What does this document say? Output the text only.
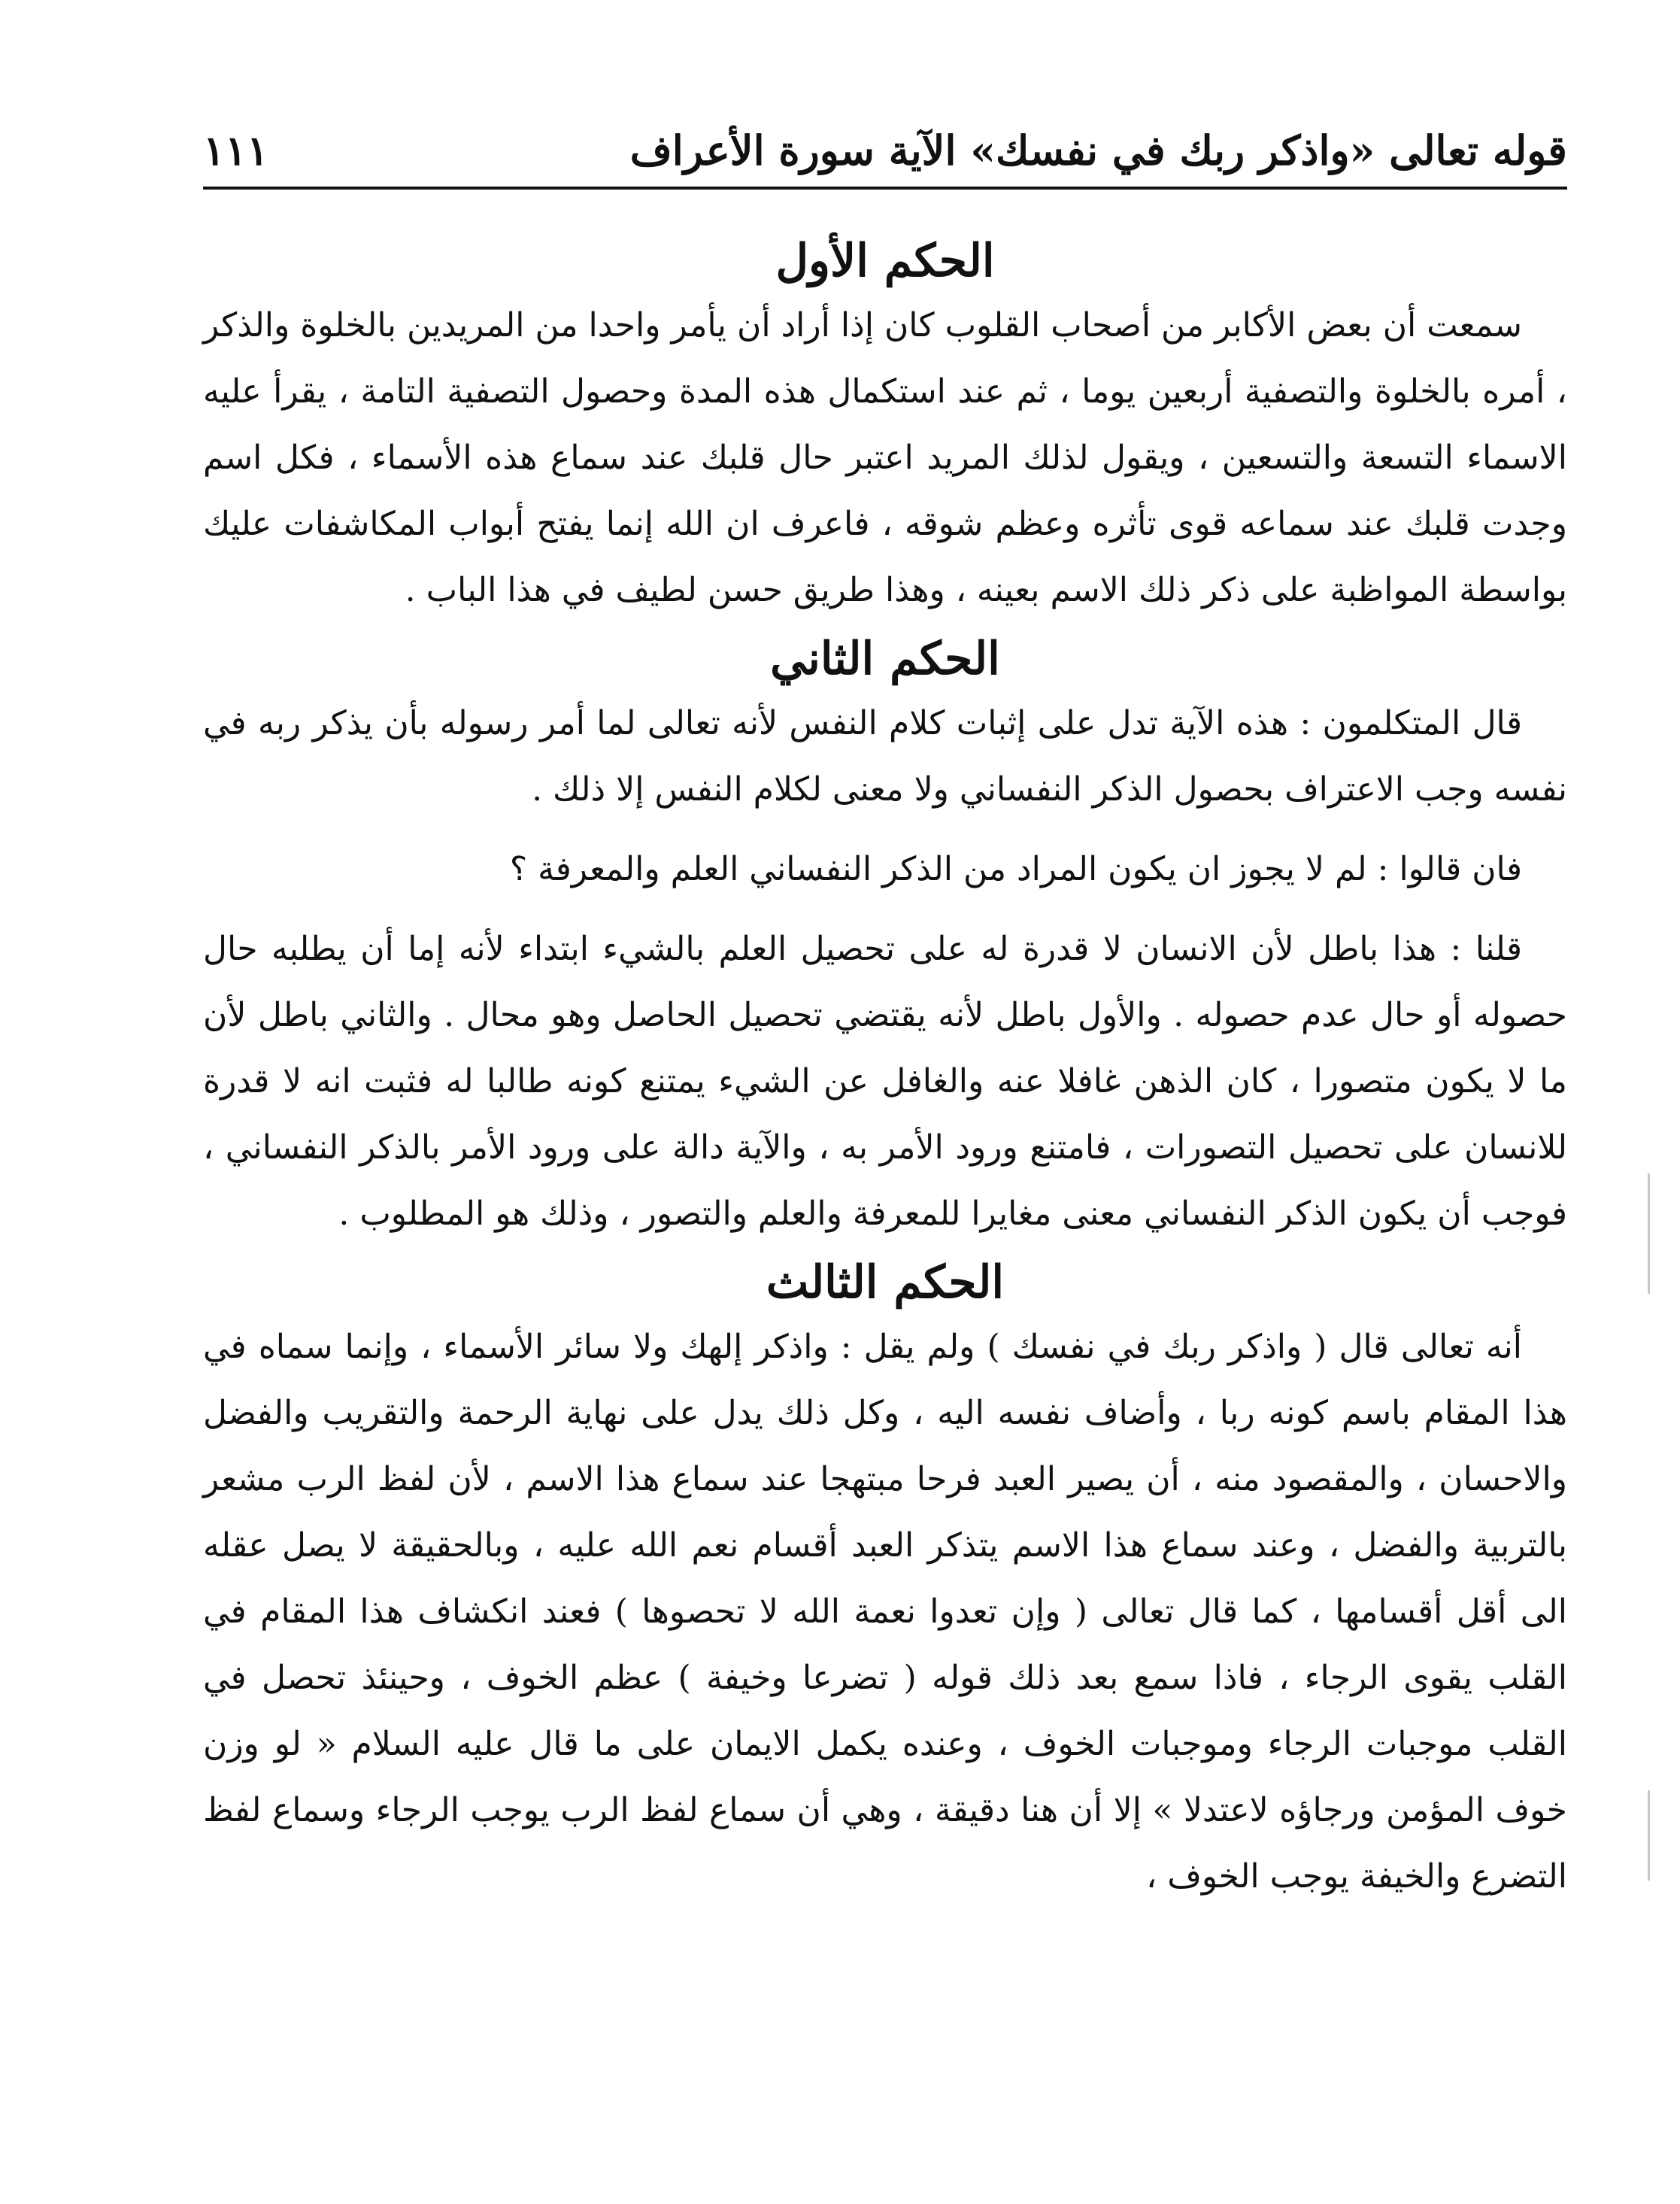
قوله تعالى «واذكر ربك في نفسك» الآية سورة الأعراف
١١١
الحكم الأول

سمعت أن بعض الأكابر من أصحاب القلوب كان إذا أراد أن يأمر واحدا من المريدين بالخلوة والذكر ، أمره بالخلوة والتصفية أربعين يوما ، ثم عند استكمال هذه المدة وحصول التصفية التامة ، يقرأ عليه الاسماء التسعة والتسعين ، ويقول لذلك المريد اعتبر حال قلبك عند سماع هذه الأسماء ، فكل اسم وجدت قلبك عند سماعه قوى تأثره وعظم شوقه ، فاعرف ان الله إنما يفتح أبواب المكاشفات عليك بواسطة المواظبة على ذكر ذلك الاسم بعينه ، وهذا طريق حسن لطيف في هذا الباب .

الحكم الثاني

قال المتكلمون : هذه الآية تدل على إثبات كلام النفس لأنه تعالى لما أمر رسوله بأن يذكر ربه في نفسه وجب الاعتراف بحصول الذكر النفساني ولا معنى لكلام النفس إلا ذلك .

فان قالوا : لم لا يجوز ان يكون المراد من الذكر النفساني العلم والمعرفة ؟

قلنا : هذا باطل لأن الانسان لا قدرة له على تحصيل العلم بالشيء ابتداء لأنه إما أن يطلبه حال حصوله أو حال عدم حصوله . والأول باطل لأنه يقتضي تحصيل الحاصل وهو محال . والثاني باطل لأن ما لا يكون متصورا ، كان الذهن غافلا عنه والغافل عن الشيء يمتنع كونه طالبا له فثبت انه لا قدرة للانسان على تحصيل التصورات ، فامتنع ورود الأمر به ، والآية دالة على ورود الأمر بالذكر النفساني ، فوجب أن يكون الذكر النفساني معنى مغايرا للمعرفة والعلم والتصور ، وذلك هو المطلوب .

الحكم الثالث

أنه تعالى قال ( واذكر ربك في نفسك ) ولم يقل : واذكر إلهك ولا سائر الأسماء ، وإنما سماه في هذا المقام باسم كونه ربا ، وأضاف نفسه اليه ، وكل ذلك يدل على نهاية الرحمة والتقريب والفضل والاحسان ، والمقصود منه ، أن يصير العبد فرحا مبتهجا عند سماع هذا الاسم ، لأن لفظ الرب مشعر بالتربية والفضل ، وعند سماع هذا الاسم يتذكر العبد أقسام نعم الله عليه ، وبالحقيقة لا يصل عقله الى أقل أقسامها ، كما قال تعالى ( وإن تعدوا نعمة الله لا تحصوها ) فعند انكشاف هذا المقام في القلب يقوى الرجاء ، فاذا سمع بعد ذلك قوله ( تضرعا وخيفة ) عظم الخوف ، وحينئذ تحصل في القلب موجبات الرجاء وموجبات الخوف ، وعنده يكمل الايمان على ما قال عليه السلام « لو وزن خوف المؤمن ورجاؤه لاعتدلا » إلا أن هنا دقيقة ، وهي أن سماع لفظ الرب يوجب الرجاء وسماع لفظ التضرع والخيفة يوجب الخوف ،
